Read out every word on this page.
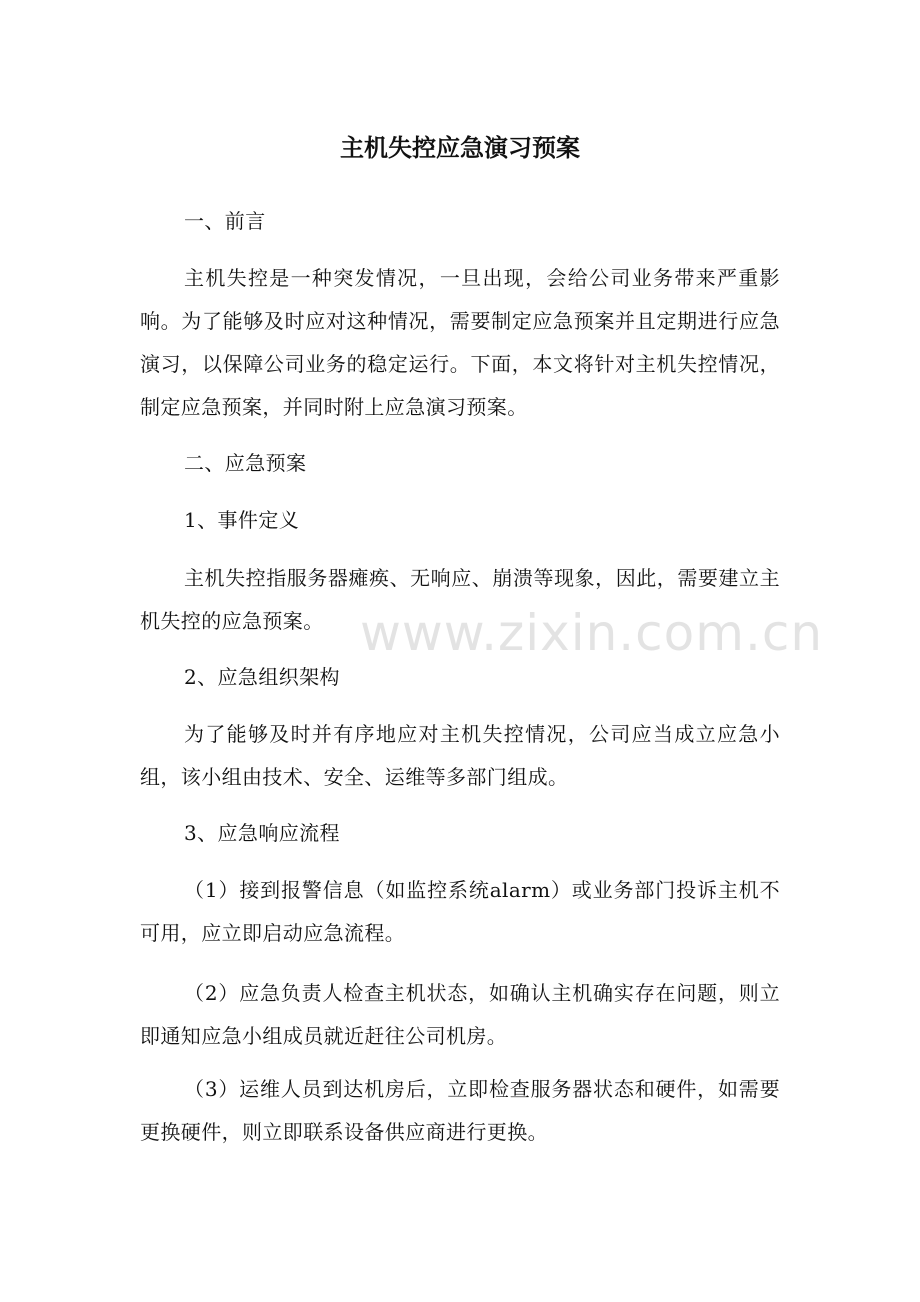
主机失控应急演习预案

一、前言

主机失控是一种突发情况，一旦出现，会给公司业务带来严重影响。为了能够及时应对这种情况，需要制定应急预案并且定期进行应急演习，以保障公司业务的稳定运行。下面，本文将针对主机失控情况，制定应急预案，并同时附上应急演习预案。

二、应急预案

1、事件定义

主机失控指服务器瘫痪、无响应、崩溃等现象，因此，需要建立主机失控的应急预案。

2、应急组织架构

为了能够及时并有序地应对主机失控情况，公司应当成立应急小组，该小组由技术、安全、运维等多部门组成。

3、应急响应流程

（1）接到报警信息（如监控系统alarm）或业务部门投诉主机不可用，应立即启动应急流程。

（2）应急负责人检查主机状态，如确认主机确实存在问题，则立即通知应急小组成员就近赶往公司机房。

（3）运维人员到达机房后，立即检查服务器状态和硬件，如需要更换硬件，则立即联系设备供应商进行更换。

www.zixin.com.cn
